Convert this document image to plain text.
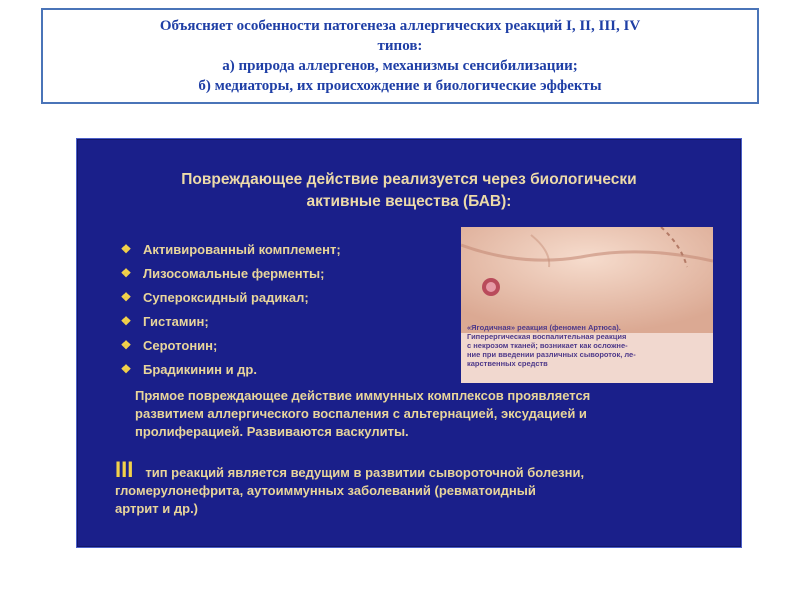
Объясняет особенности патогенеза аллергических реакций I, II, III, IV
типов:
а) природа аллергенов, механизмы сенсибилизации;
б) медиаторы, их происхождение и биологические эффекты
Повреждающее действие реализуется через биологически
активные вещества (БАВ):
❖ Активированный комплемент;
❖ Лизосомальные ферменты;
❖ Супероксидный радикал;
❖ Гистамин;
❖ Серотонин;
❖ Брадикинин и др.
«Ягодичная» реакция (феномен Артюса).
Гиперергическая воспалительная реакция
с некрозом тканей; возникает как осложне-
ние при введении различных сывороток, ле-
карственных средств
Прямое повреждающее действие иммунных комплексов проявляется
развитием аллергического воспаления с альтернацией, эксудацией и
пролиферацией. Развиваются васкулиты.
III тип реакций является ведущим в развитии сывороточной болезни,
гломерулонефрита, аутоиммунных заболеваний (ревматоидный
артрит и др.)
